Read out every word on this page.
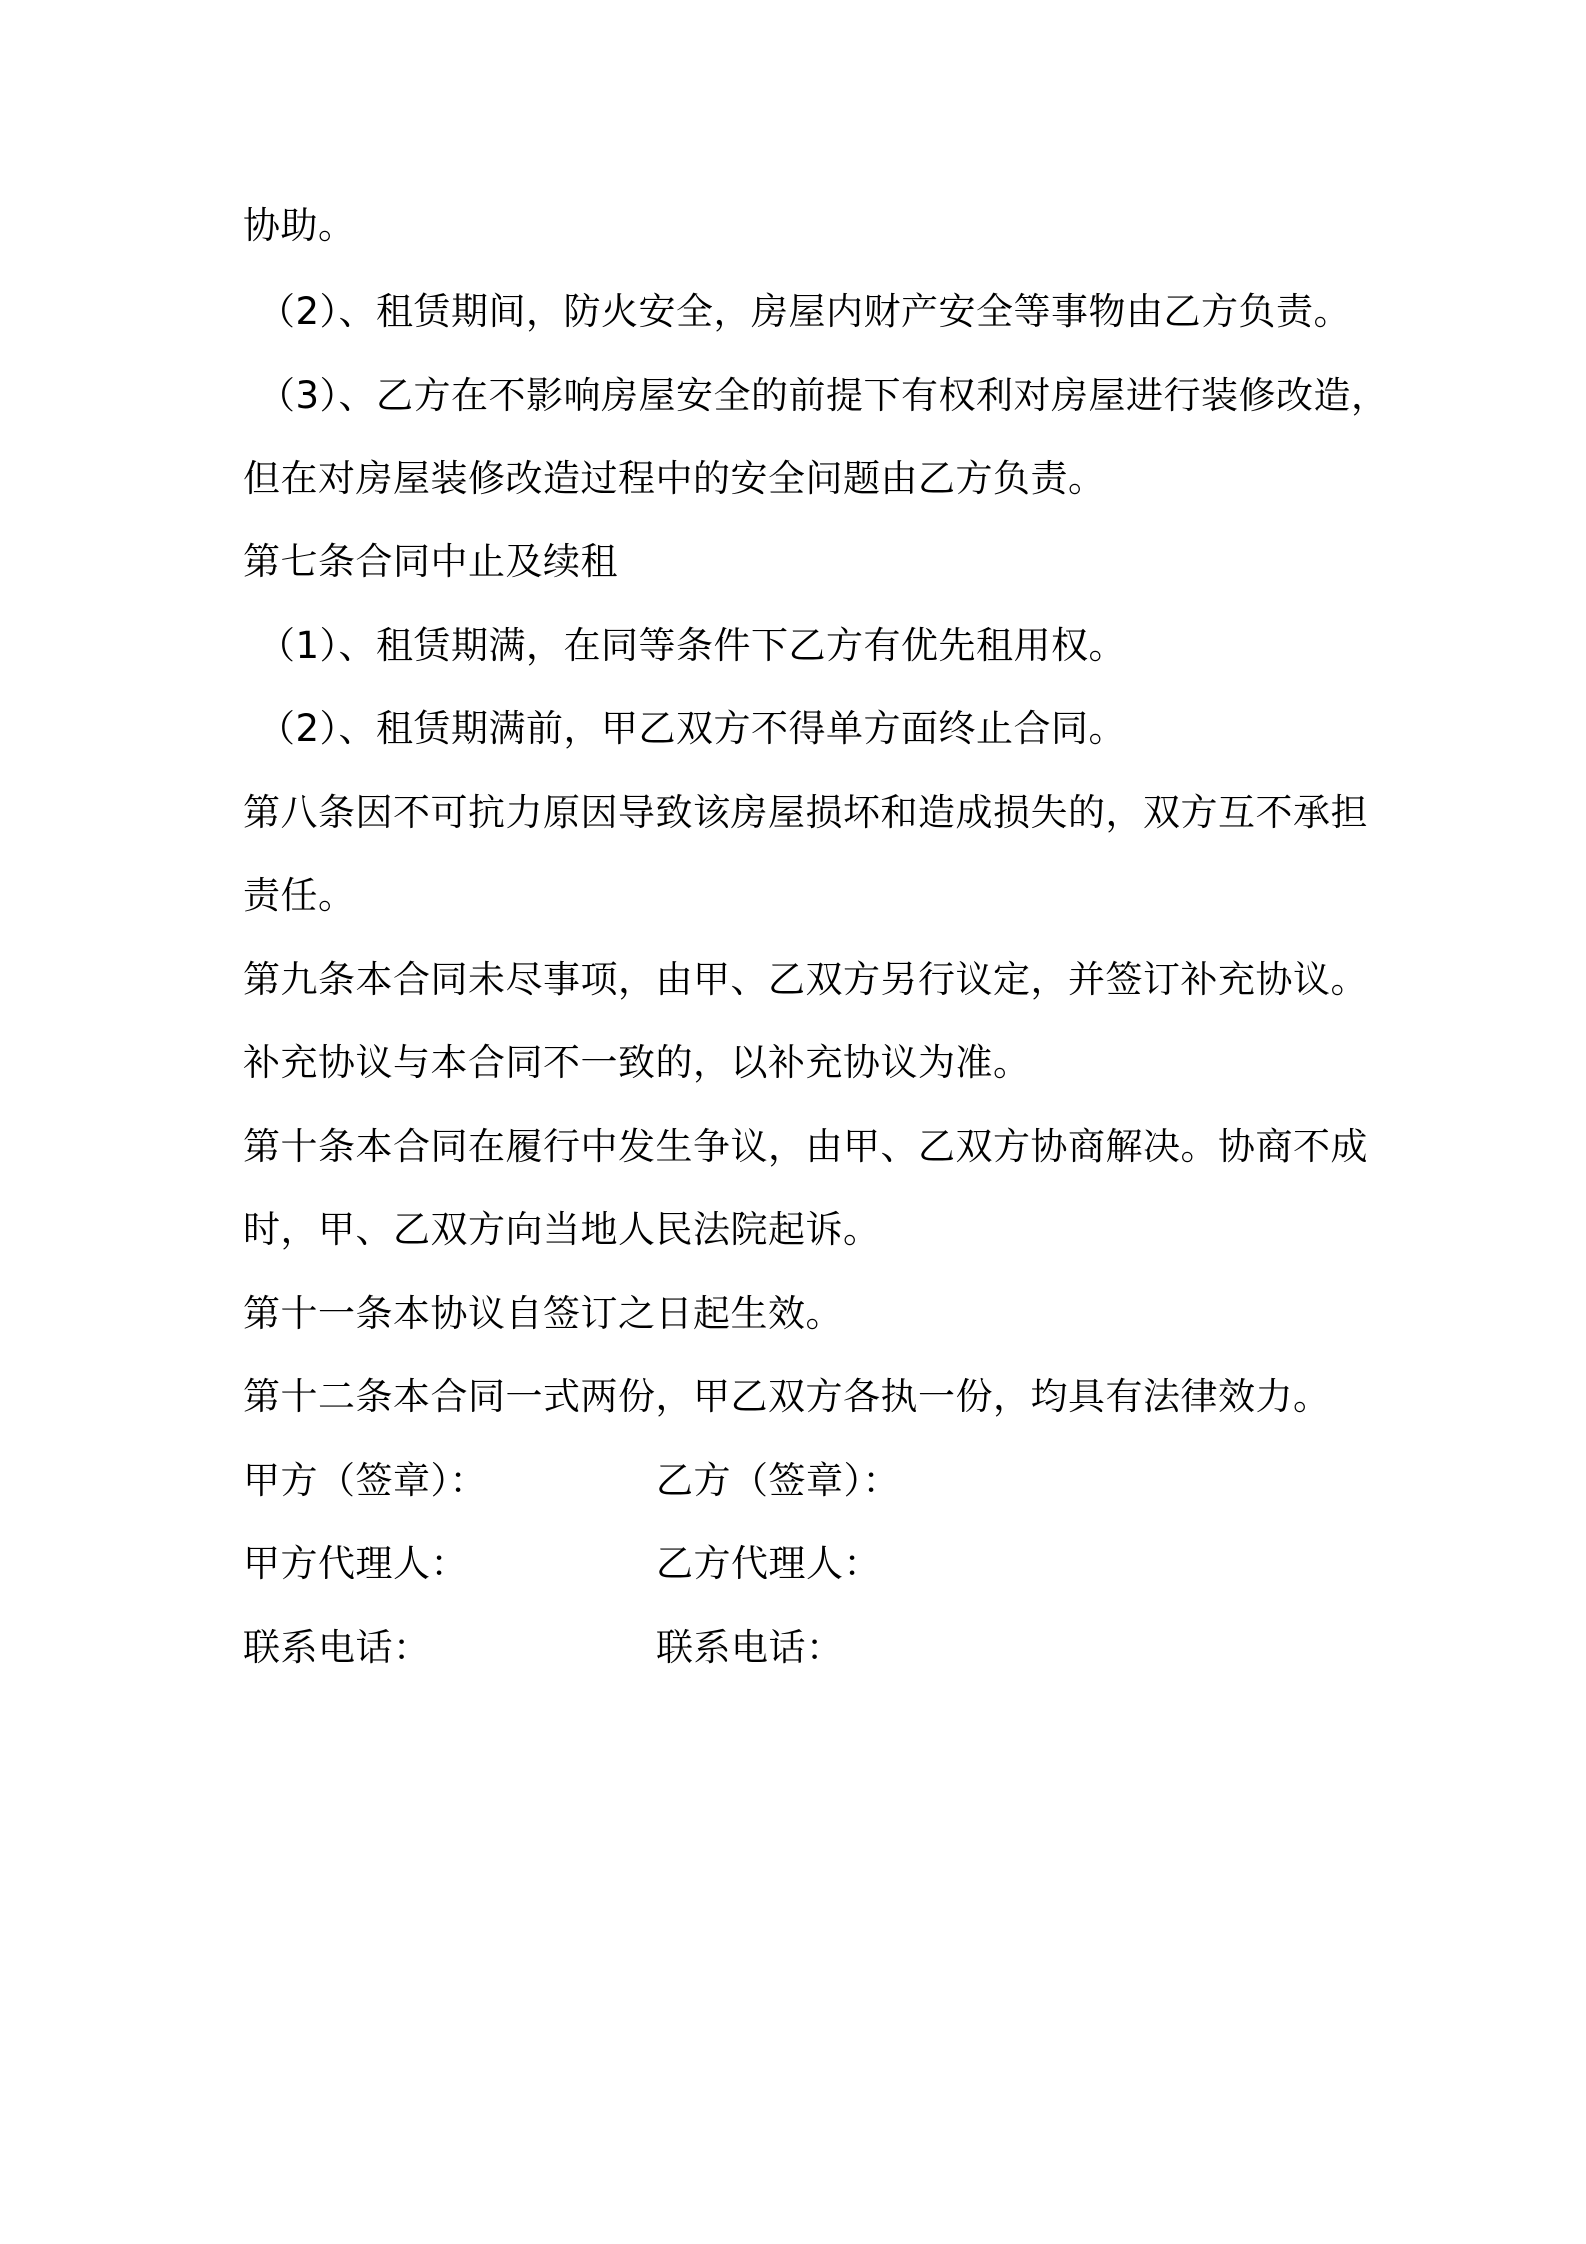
协助。
（2）、租赁期间，防火安全，房屋内财产安全等事物由乙方负责。
（3）、乙方在不影响房屋安全的前提下有权利对房屋进行装修改造，
但在对房屋装修改造过程中的安全问题由乙方负责。
第七条合同中止及续租
（1）、租赁期满，在同等条件下乙方有优先租用权。
（2）、租赁期满前，甲乙双方不得单方面终止合同。
第八条因不可抗力原因导致该房屋损坏和造成损失的，双方互不承担
责任。
第九条本合同未尽事项，由甲、乙双方另行议定，并签订补充协议。
补充协议与本合同不一致的，以补充协议为准。
第十条本合同在履行中发生争议，由甲、乙双方协商解决。协商不成
时，甲、乙双方向当地人民法院起诉。
第十一条本协议自签订之日起生效。
第十二条本合同一式两份，甲乙双方各执一份，均具有法律效力。
甲方（签章）：	乙方（签章）：
甲方代理人：	乙方代理人：
联系电话：	联系电话：
